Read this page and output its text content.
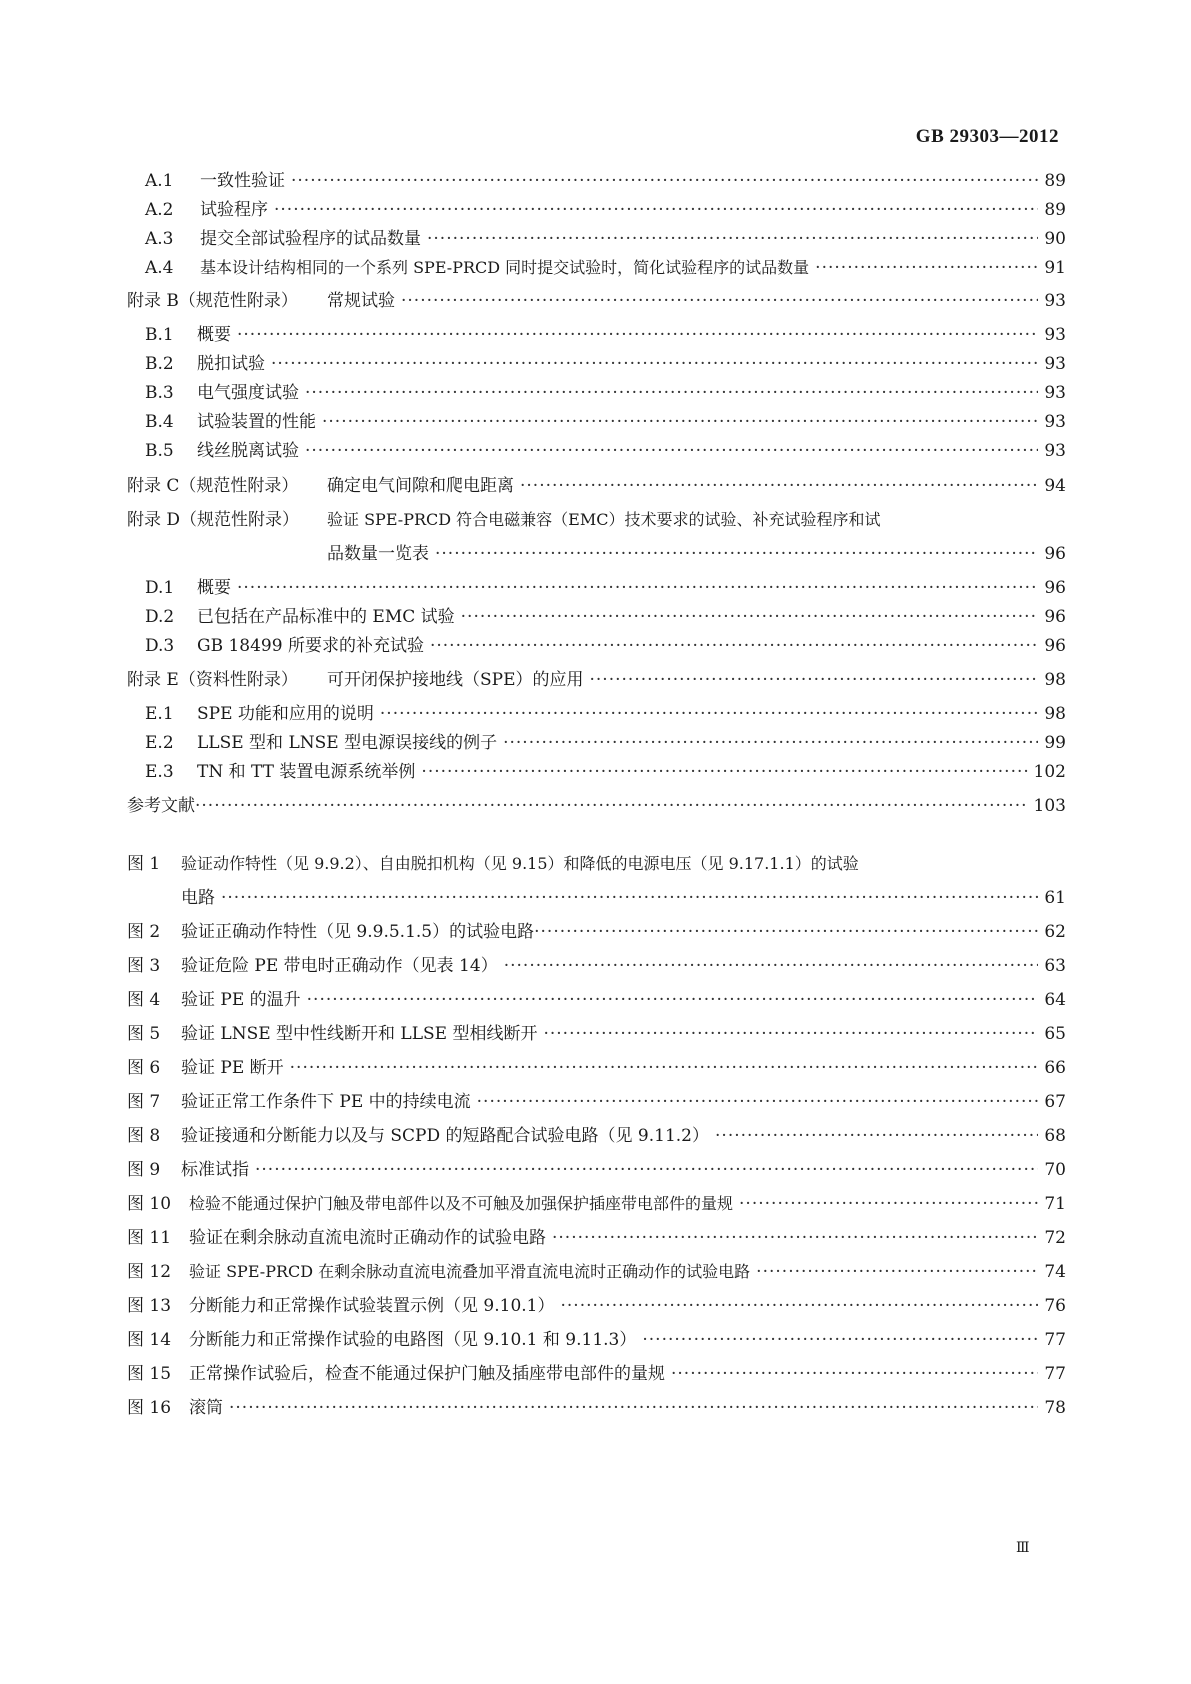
GB 29303—2012
A.1	一致性验证 ·····	89
A.2	试验程序 ·····	89
A.3	提交全部试验程序的试品数量 ·····	90
A.4	基本设计结构相同的一个系列 SPE-PRCD 同时提交试验时，简化试验程序的试品数量 ·····	91
附录 B（规范性附录）	常规试验 ·····	93
B.1	概要 ·····	93
B.2	脱扣试验 ·····	93
B.3	电气强度试验 ·····	93
B.4	试验装置的性能 ·····	93
B.5	线丝脱离试验 ·····	93
附录 C（规范性附录）	确定电气间隙和爬电距离 ·····	94
附录 D（规范性附录） 验证 SPE-PRCD 符合电磁兼容（EMC）技术要求的试验、补充试验程序和试
品数量一览表 ·····	96
D.1	概要 ·····	96
D.2	已包括在产品标准中的 EMC 试验 ·····	96
D.3	GB 18499 所要求的补充试验 ·····	96
附录 E（资料性附录）	可开闭保护接地线（SPE）的应用 ·····	98
E.1	SPE 功能和应用的说明 ·····	98
E.2	LLSE 型和 LNSE 型电源误接线的例子 ·····	99
E.3	TN 和 TT 装置电源系统举例 ·····	102
参考文献 ·····	103
图 1 验证动作特性（见 9.9.2）、自由脱扣机构（见 9.15）和降低的电源电压（见 9.17.1.1）的试验
电路 ·····	61
图 2	验证正确动作特性（见 9.9.5.1.5）的试验电路 ·····	62
图 3	验证危险 PE 带电时正确动作（见表 14） ·····	63
图 4	验证 PE 的温升 ·····	64
图 5	验证 LNSE 型中性线断开和 LLSE 型相线断开 ·····	65
图 6	验证 PE 断开 ·····	66
图 7	验证正常工作条件下 PE 中的持续电流 ·····	67
图 8	验证接通和分断能力以及与 SCPD 的短路配合试验电路（见 9.11.2） ·····	68
图 9	标准试指 ·····	70
图 10	检验不能通过保护门触及带电部件以及不可触及加强保护插座带电部件的量规 ·····	71
图 11	验证在剩余脉动直流电流时正确动作的试验电路 ·····	72
图 12	验证 SPE-PRCD 在剩余脉动直流电流叠加平滑直流电流时正确动作的试验电路 ·····	74
图 13	分断能力和正常操作试验装置示例（见 9.10.1） ·····	76
图 14	分断能力和正常操作试验的电路图（见 9.10.1 和 9.11.3） ·····	77
图 15	正常操作试验后，检查不能通过保护门触及插座带电部件的量规 ·····	77
图 16	滚筒 ·····	78
Ⅲ
